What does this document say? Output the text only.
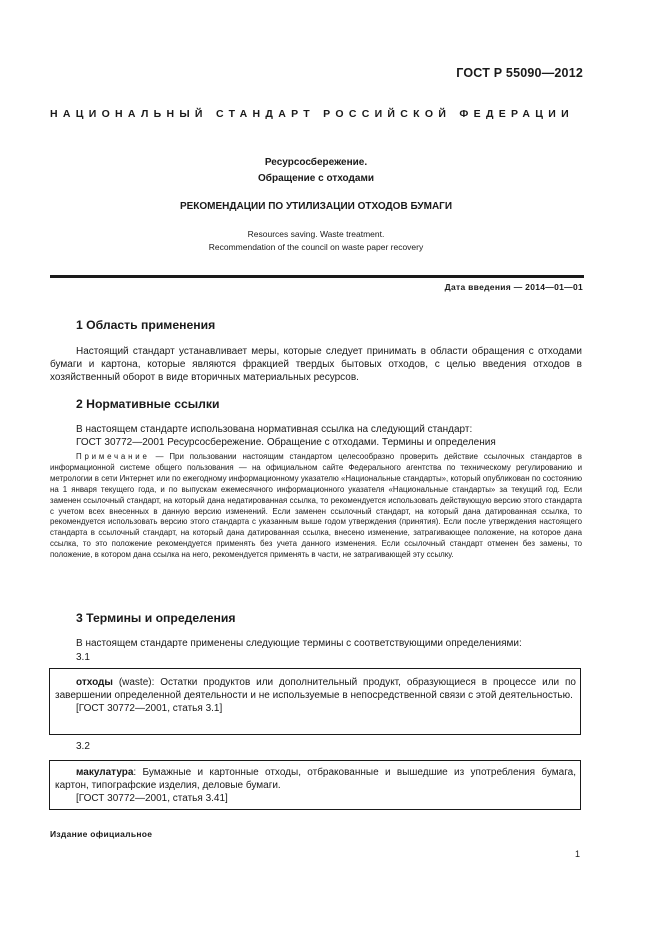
ГОСТ Р 55090—2012
НАЦИОНАЛЬНЫЙ СТАНДАРТ РОССИЙСКОЙ ФЕДЕРАЦИИ
Ресурсосбережение.
Обращение с отходами
РЕКОМЕНДАЦИИ ПО УТИЛИЗАЦИИ ОТХОДОВ БУМАГИ
Resources saving. Waste treatment.
Recommendation of the council on waste paper recovery
Дата введения — 2014—01—01
1 Область применения
Настоящий стандарт устанавливает меры, которые следует принимать в области обращения с отходами бумаги и картона, которые являются фракцией твердых бытовых отходов, с целью введения отходов в хозяйственный оборот в виде вторичных материальных ресурсов.
2 Нормативные ссылки
В настоящем стандарте использована нормативная ссылка на следующий стандарт:
ГОСТ 30772—2001 Ресурсосбережение. Обращение с отходами. Термины и определения
Примечание — При пользовании настоящим стандартом целесообразно проверить действие ссылочных стандартов в информационной системе общего пользования — на официальном сайте Федерального агентства по техническому регулированию и метрологии в сети Интернет или по ежегодному информационному указателю «Национальные стандарты», который опубликован по состоянию на 1 января текущего года, и по выпускам ежемесячного информационного указателя «Национальные стандарты» за текущий год. Если заменен ссылочный стандарт, на который дана недатированная ссылка, то рекомендуется использовать действующую версию этого стандарта с учетом всех внесенных в данную версию изменений. Если заменен ссылочный стандарт, на который дана датированная ссылка, то рекомендуется использовать версию этого стандарта с указанным выше годом утверждения (принятия). Если после утверждения настоящего стандарта в ссылочный стандарт, на который дана датированная ссылка, внесено изменение, затрагивающее положение, на которое дана ссылка, то это положение рекомендуется применять без учета данного изменения. Если ссылочный стандарт отменен без замены, то положение, в котором дана ссылка на него, рекомендуется применять в части, не затрагивающей эту ссылку.
3 Термины и определения
В настоящем стандарте применены следующие термины с соответствующими определениями:
3.1
отходы (waste): Остатки продуктов или дополнительный продукт, образующиеся в процессе или по завершении определенной деятельности и не используемые в непосредственной связи с этой деятельностью.
[ГОСТ 30772—2001, статья 3.1]
3.2
макулатура: Бумажные и картонные отходы, отбракованные и вышедшие из употребления бумага, картон, типографские изделия, деловые бумаги.
[ГОСТ 30772—2001, статья 3.41]
Издание официальное
1
